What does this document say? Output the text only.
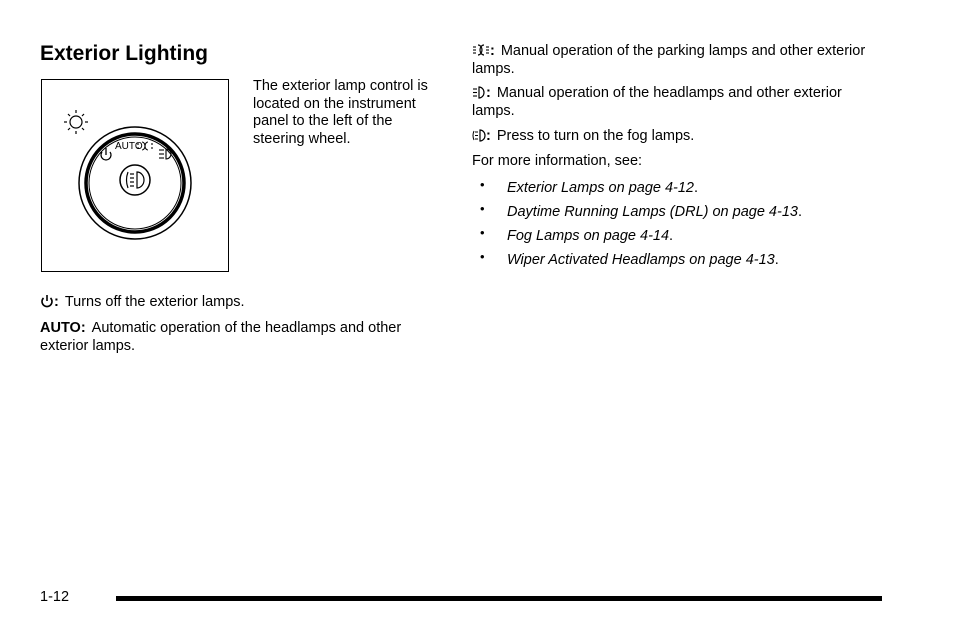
Exterior Lighting
AUTO
The exterior lamp control is located on the instrument panel to the left of the steering wheel.
: Turns off the exterior lamps.
AUTO: Automatic operation of the headlamps and other exterior lamps.
: Manual operation of the parking lamps and other exterior lamps.
: Manual operation of the headlamps and other exterior lamps.
: Press to turn on the fog lamps.
For more information, see:
• Exterior Lamps on page 4-12.
• Daytime Running Lamps (DRL) on page 4-13.
• Fog Lamps on page 4-14.
• Wiper Activated Headlamps on page 4-13.
1-12
